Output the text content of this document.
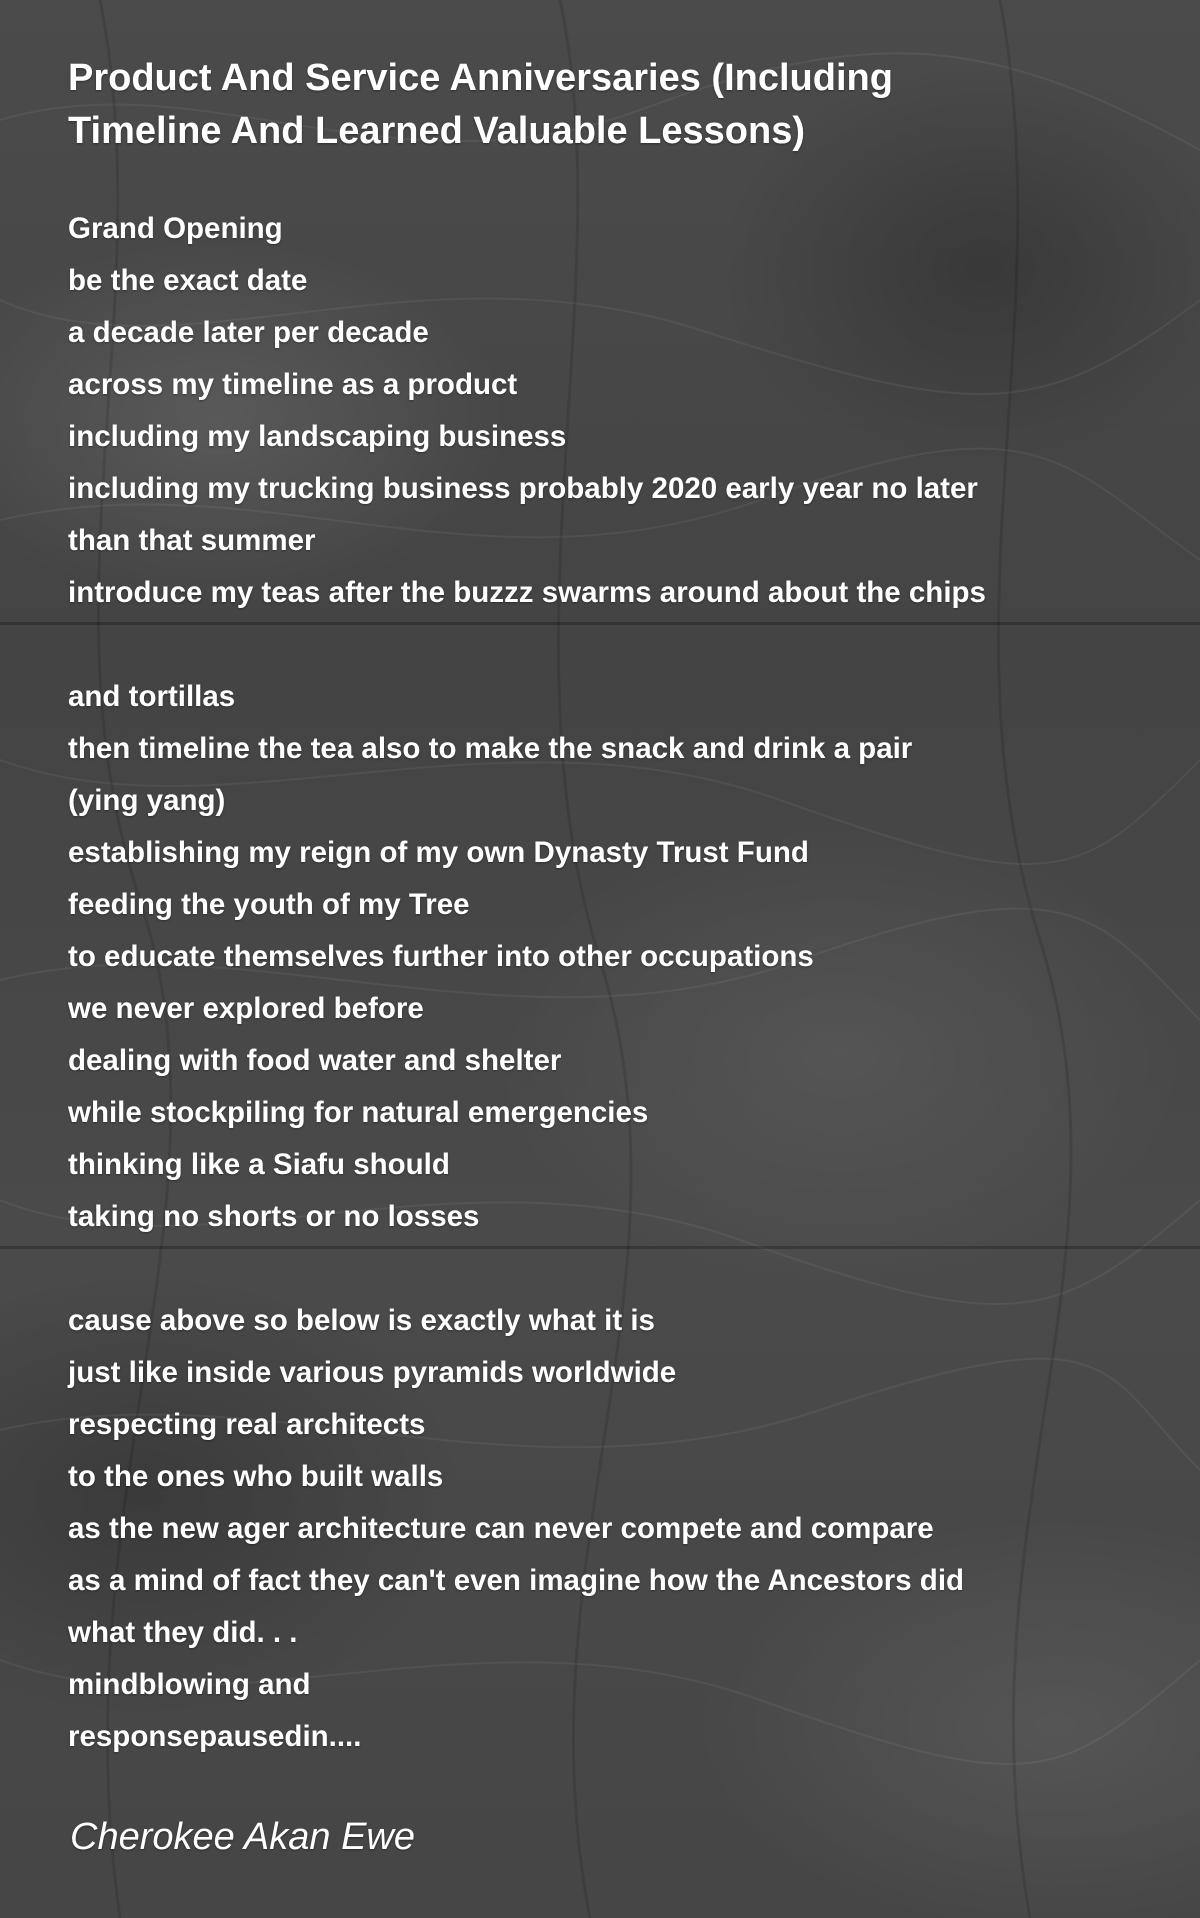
Product And Service Anniversaries (Including
Timeline And Learned Valuable Lessons)
Grand Opening
be the exact date
a decade later per decade
across my timeline as a product
including my landscaping business
including my trucking business probably 2020 early year no later
than that summer
introduce my teas after the buzzz swarms around about the chips
and tortillas
then timeline the tea also to make the snack and drink a pair
(ying yang)
establishing my reign of my own Dynasty Trust Fund
feeding the youth of my Tree
to educate themselves further into other occupations
we never explored before
dealing with food water and shelter
while stockpiling for natural emergencies
thinking like a Siafu should
taking no shorts or no losses
cause above so below is exactly what it is
just like inside various pyramids worldwide
respecting real architects
to the ones who built walls
as the new ager architecture can never compete and compare
as a mind of fact they can't even imagine how the Ancestors did
what they did. . .
mindblowing and
responsepausedin....

Cherokee Akan Ewe
